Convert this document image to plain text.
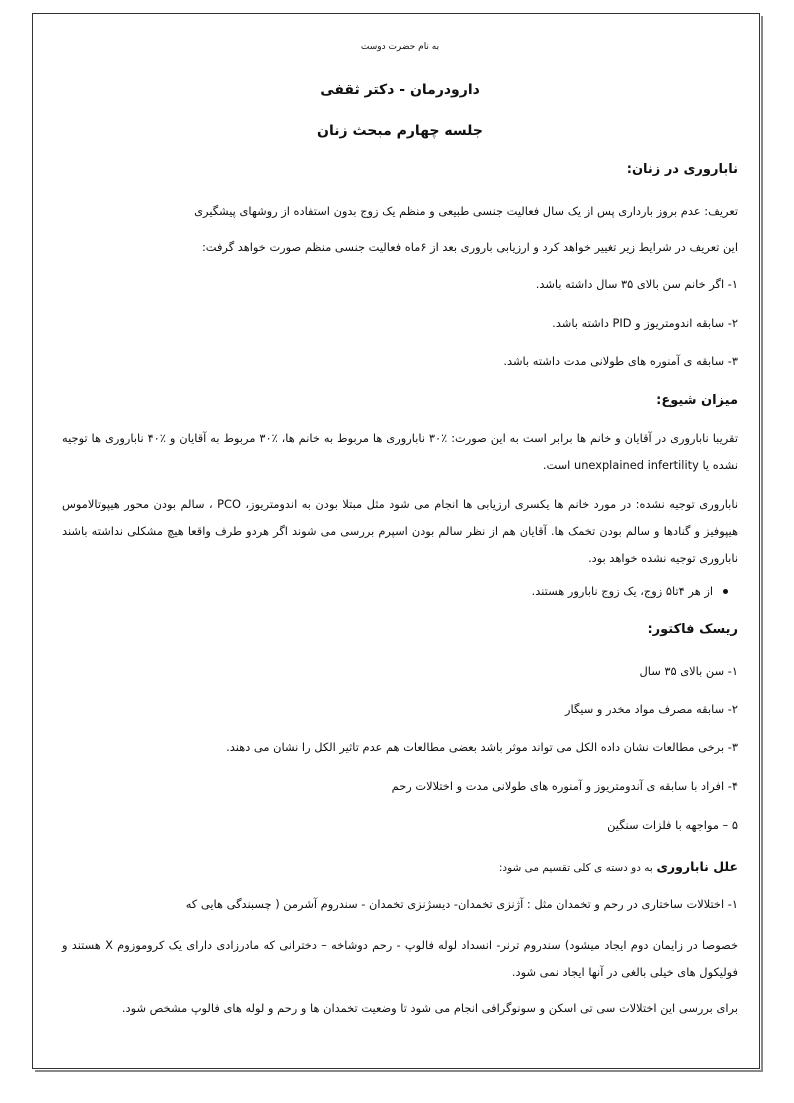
به نام حضرت دوست
دارودرمان - دکتر ثقفی
جلسه چهارم مبحث زنان
ناباروری در زنان:
تعریف: عدم بروز بارداری پس از یک سال فعالیت جنسی طبیعی و منظم یک زوج بدون استفاده از روشهای پیشگیری
این تعریف در شرایط زیر تغییر خواهد کرد و ارزیابی باروری بعد از ۶ماه فعالیت جنسی منظم صورت خواهد گرفت:
۱- اگر خانم سن بالای ۳۵ سال داشته باشد.
۲- سابقه اندومتریوز و PID داشته باشد.
۳- سابقه ی آمنوره های طولانی مدت داشته باشد.
میزان شیوع:
تقریبا ناباروری در آقایان و خانم ها برابر است به این صورت: ٪۳۰ ناباروری ها مربوط به خانم ها، ٪۳۰ مربوط به آقایان و ٪۴۰ ناباروری ها توجیه نشده یا unexplained infertility است.
ناباروری توجیه نشده: در مورد خانم ها یکسری ارزیابی ها انجام می شود مثل مبتلا بودن به اندومتریوز، PCO ، سالم بودن محور هیپوتالاموس هیپوفیز و گنادها و سالم بودن تخمک ها. آقایان هم از نظر سالم بودن اسپرم بررسی می شوند اگر هردو طرف واقعا هیچ مشکلی نداشته باشند ناباروری توجیه نشده خواهد بود.
از هر ۴تا۵ زوج، یک زوج نابارور هستند.
ریسک فاکتور:
۱- سن بالای ۳۵ سال
۲- سابقه مصرف مواد مخدر و سیگار
۳- برخی مطالعات نشان داده الکل می تواند موثر باشد بعضی مطالعات هم عدم تاثیر الکل را نشان می دهند.
۴- افراد با سابقه ی آندومتریوز و آمنوره های طولانی مدت و اختلالات رحم
۵ – مواجهه با فلزات سنگین
علل ناباروری به دو دسته ی کلی تقسیم می شود:
۱- اختلالات ساختاری در رحم و تخمدان مثل : آژنزی تخمدان- دیسژنزی تخمدان - سندروم آشرمن ( چسبندگی هایی که
خصوصا در زایمان دوم ایجاد میشود) سندروم ترنر- انسداد لوله فالوپ - رحم دوشاخه – دخترانی که مادرزادی دارای یک کروموزوم X هستند و فولیکول های خیلی بالغی در آنها ایجاد نمی شود.
برای بررسی این اختلالات سی تی اسکن و سونوگرافی انجام می شود تا وضعیت تخمدان ها و رحم و لوله های فالوپ مشخص شود.
